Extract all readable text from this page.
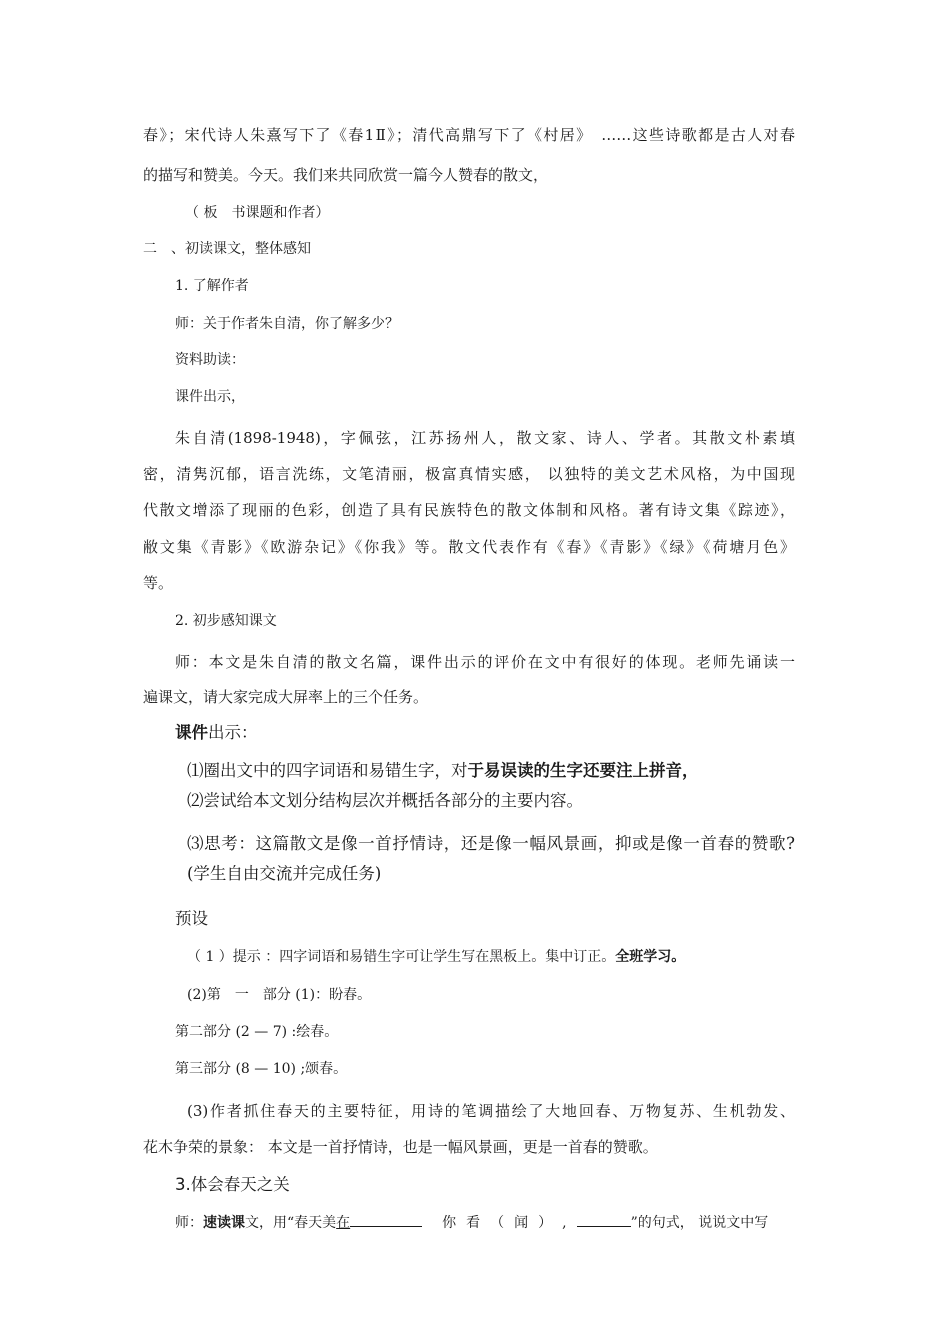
春》；宋代诗人朱熹写下了《春1Ⅱ》；清代高鼎写下了《村居》　……这些诗歌都是古人对春
的描写和赞美。今天。我们来共同欣赏一篇今人赞春的散文，
（ 板　书课题和作者）
二　、初读课文，整体感知
1. 了解作者
师：关于作者朱自清，你了解多少？
资料助读：
课件出示，
朱自清(1898-1948)，字佩弦，江苏扬州人，散文家、诗人、学者。其散文朴素填
密，清隽沉郁，语言洗练，文笔清丽，极富真情实感， 以独特的美文艺术风格，为中国现
代散文增添了现丽的色彩，创造了具有民族特色的散文体制和风格。著有诗文集《踪迹》，
敝文集《青影》《欧游杂记》《你我》等。散文代表作有《春》《青影》《绿》《荷塘月色》
等。
2. 初步感知课文
师：本文是朱自清的散文名篇，课件出示的评价在文中有很好的体现。老师先诵读一
遍课文，请大家完成大屏率上的三个任务。
课件出示：
⑴圈出文中的四字词语和易错生字，对于易误读的生字还要注上拼音，
⑵尝试给本文划分结构层次并概括各部分的主要内容。
⑶思考：这篇散文是像一首抒情诗，还是像一幅风景画，抑或是像一首春的赞歌?
(学生自由交流并完成任务)
预设
（ 1 ）提示 ：四字词语和易错生字可让学生写在黑板上。集中订正。全班学习。
(2)第　一　部分 (1)：盼春。
第二部分 (2 — 7) :绘春。
第三部分 (8 — 10) ;颂春。
(3)作者抓住春天的主要特征，用诗的笔调描绘了大地回春、万物复苏、生机勃发、
花木争荣的景象： 本文是一首抒情诗，也是一幅风景画，更是一首春的赞歌。
3.体会春天之关
师：速读课文，用“春天美在	你看（闻）,	”的句式， 说说文中写
